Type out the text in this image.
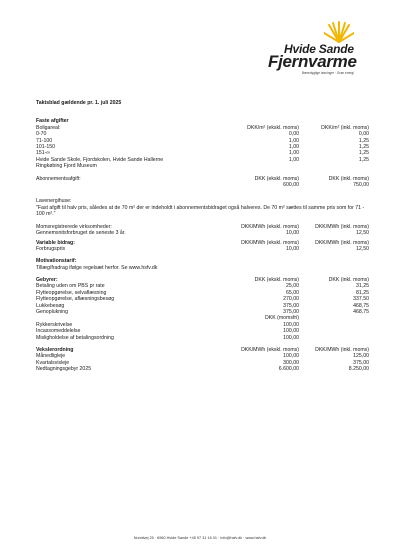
Hvide Sande
Fjernvarme
Bæredygtige løsninger · Grøn energi
Taktsblad gældende pr. 1. juli 2025
Faste afgifter
Boligareal:	DKK/m² (ekskl. moms)	DKK/m² (inkl. moms)
0-70	0,00	0,00
71-100	1,00	1,25
101-150	1,00	1,25
151-∞	1,00	1,25
Hvide Sande Skole, Fjordskolen, Hvide Sande Hallerne	1,00	1,25
Ringkøbing Fjord Museum
Abonnementsafgift:	DKK (ekskl. moms)	DKK (inkl. moms)
600,00	750,00
Lavenergihuse:
"Fast afgift til halv pris, således at de 70 m² der er indeholdt i abonnementsbidraget også halveres. De 70 m² sættes til samme pris som for 71 - 100 m²."
Momsregistrerede virksomheder:	DKK/MWh (ekskl. moms)	DKK/MWh (inkl. moms)
Gennemsnitsforbruget de seneste 3 år.	10,00	12,50
Variable bidrag:	DKK/MWh (ekskl. moms)	DKK/MWh (inkl. moms)
Forbrugspris	10,00	12,50
Motivationstarif:
Tillæg/fradrag ifølge regelsæt herfor. Se www.hsfv.dk
Gebyrer:	DKK (ekskl. moms)	DKK (inkl. moms)
Betaling uden om PBS pr rate	25,00	31,25
Flytteopgørelse, selvaflæsning	65,00	81,25
Flytteopgørelse, aflæsningsbesøg	270,00	337,50
Lukkebesøg	375,00	468,75
Genoplukning	375,00	468,75
DKK (momsfri)
Rykkerskrivelse	100,00
Incassomeddelelse	100,00
Misligholdelse af betalingsordning	100,00
Vekslerordning	DKK/MWh (ekskl. moms)	DKK/MWh (inkl. moms)
Månedligleje	100,00	125,00
Kvartalsvisleje	300,00	375,00
Nedtagningsgebyr 2025	6.600,00	8.250,00
Numitvej 25 · 6960 Hvide Sande +45 97 31 16 01 · info@hsfv.dk · www.hsfv.dk
